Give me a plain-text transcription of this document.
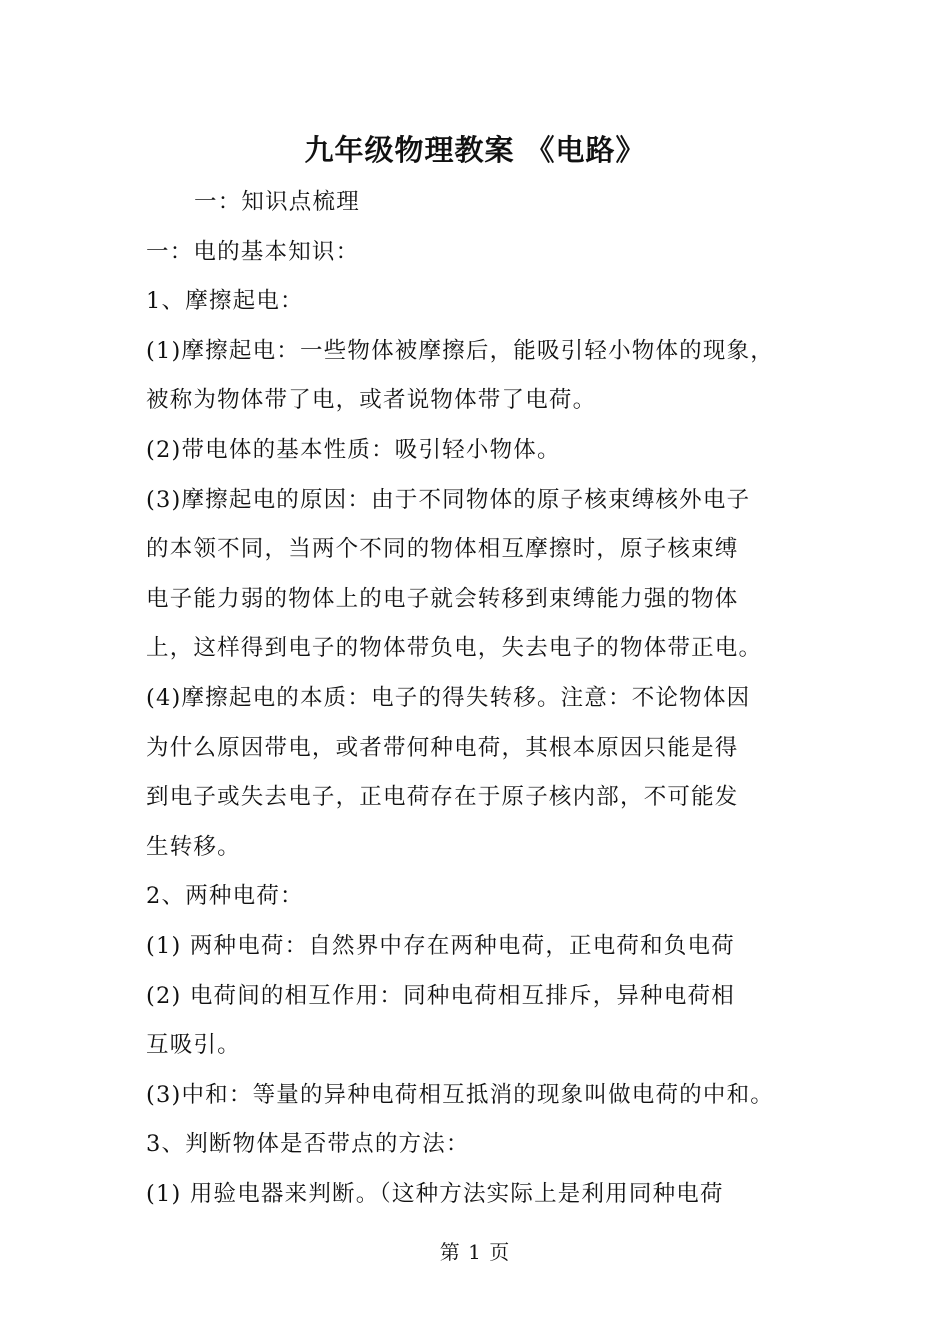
九年级物理教案 《电路》
一：知识点梳理
一：电的基本知识：
1、摩擦起电：
(1)摩擦起电：一些物体被摩擦后，能吸引轻小物体的现象，
被称为物体带了电，或者说物体带了电荷。
(2)带电体的基本性质：吸引轻小物体。
(3)摩擦起电的原因：由于不同物体的原子核束缚核外电子
的本领不同，当两个不同的物体相互摩擦时，原子核束缚
电子能力弱的物体上的电子就会转移到束缚能力强的物体
上，这样得到电子的物体带负电，失去电子的物体带正电。
(4)摩擦起电的本质：电子的得失转移。注意：不论物体因
为什么原因带电，或者带何种电荷，其根本原因只能是得
到电子或失去电子，正电荷存在于原子核内部，不可能发
生转移。
2、两种电荷：
(1) 两种电荷：自然界中存在两种电荷，正电荷和负电荷
(2) 电荷间的相互作用：同种电荷相互排斥，异种电荷相
互吸引。
(3)中和：等量的异种电荷相互抵消的现象叫做电荷的中和。
3、判断物体是否带点的方法：
(1) 用验电器来判断。（这种方法实际上是利用同种电荷
第 1 页
